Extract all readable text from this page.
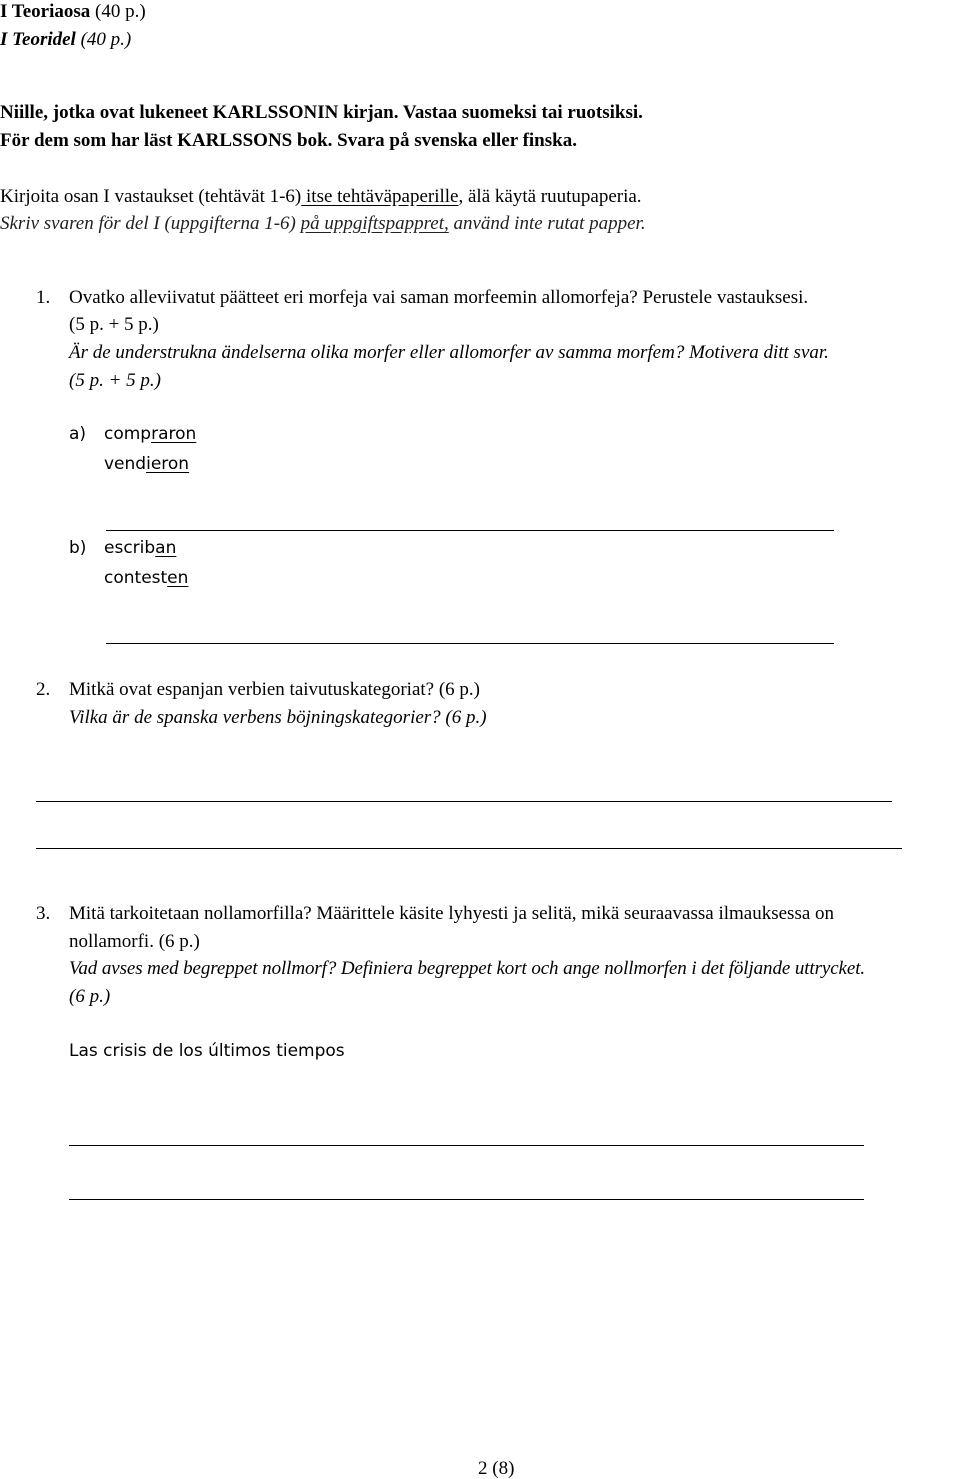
I Teoriaosa (40 p.)
I Teoridel (40 p.)
Niille, jotka ovat lukeneet KARLSSONIN kirjan. Vastaa suomeksi tai ruotsiksi.
För dem som har läst KARLSSONS bok. Svara på svenska eller finska.
Kirjoita osan I vastaukset (tehtävät 1-6) itse tehtäväpaperille, älä käytä ruutupaperia.
Skriv svaren för del I (uppgifterna 1-6) på uppgiftspappret, använd inte rutat papper.
1. Ovatko alleviivatut päätteet eri morfeja vai saman morfeemin allomorfeja? Perustele vastauksesi.
(5 p. + 5 p.)
Är de understrukna ändelserna olika morfer eller allomorfer av samma morfem? Motivera ditt svar.
(5 p. + 5 p.)
a) compraron
vendieron
b) escriban
contesten
2. Mitkä ovat espanjan verbien taivutuskategoriat? (6 p.)
Vilka är de spanska verbens böjningskategorier? (6 p.)
3. Mitä tarkoitetaan nollamorfilla? Määrittele käsite lyhyesti ja selitä, mikä seuraavassa ilmauksessa on
nollamorfi. (6 p.)
Vad avses med begreppet nollmorf? Definiera begreppet kort och ange nollmorfen i det följande uttrycket.
(6 p.)
Las crisis de los últimos tiempos
2 (8)
